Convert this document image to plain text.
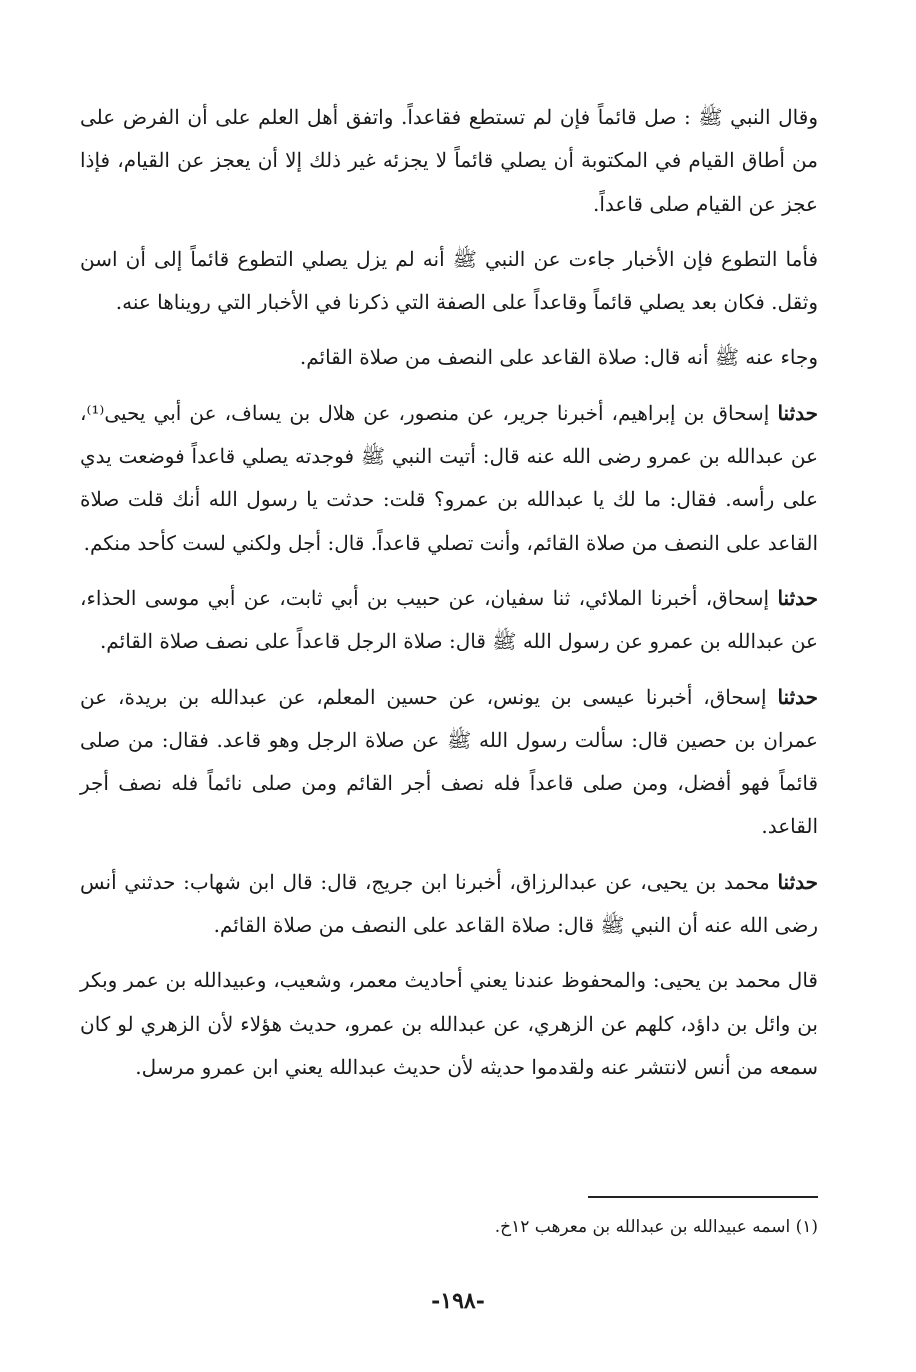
وقال النبي ﷺ : صل قائماً فإن لم تستطع فقاعداً. واتفق أهل العلم على أن الفرض على من أطاق القيام في المكتوبة أن يصلي قائماً لا يجزئه غير ذلك إلا أن يعجز عن القيام، فإذا عجز عن القيام صلى قاعداً.

فأما التطوع فإن الأخبار جاءت عن النبي ﷺ أنه لم يزل يصلي التطوع قائماً إلى أن اسن وثقل. فكان بعد يصلي قائماً وقاعداً على الصفة التي ذكرنا في الأخبار التي رويناها عنه.

وجاء عنه ﷺ أنه قال: صلاة القاعد على النصف من صلاة القائم.

حدثنا إسحاق بن إبراهيم، أخبرنا جرير، عن منصور، عن هلال بن يساف، عن أبي يحيى⁽¹⁾، عن عبدالله بن عمرو رضى الله عنه قال: أتيت النبي ﷺ فوجدته يصلي قاعداً فوضعت يدي على رأسه. فقال: ما لك يا عبدالله بن عمرو؟ قلت: حدثت يا رسول الله أنك قلت صلاة القاعد على النصف من صلاة القائم، وأنت تصلي قاعداً. قال: أجل ولكني لست كأحد منكم.

حدثنا إسحاق، أخبرنا الملائي، ثنا سفيان، عن حبيب بن أبي ثابت، عن أبي موسى الحذاء، عن عبدالله بن عمرو عن رسول الله ﷺ قال: صلاة الرجل قاعداً على نصف صلاة القائم.

حدثنا إسحاق، أخبرنا عيسى بن يونس، عن حسين المعلم، عن عبدالله بن بريدة، عن عمران بن حصين قال: سألت رسول الله ﷺ عن صلاة الرجل وهو قاعد. فقال: من صلى قائماً فهو أفضل، ومن صلى قاعداً فله نصف أجر القائم ومن صلى نائماً فله نصف أجر القاعد.

حدثنا محمد بن يحيى، عن عبدالرزاق، أخبرنا ابن جريج، قال: قال ابن شهاب: حدثني أنس رضى الله عنه أن النبي ﷺ قال: صلاة القاعد على النصف من صلاة القائم.

قال محمد بن يحيى: والمحفوظ عندنا يعني أحاديث معمر، وشعيب، وعبيدالله بن عمر وبكر بن وائل بن داؤد، كلهم عن الزهري، عن عبدالله بن عمرو، حديث هؤلاء لأن الزهري لو كان سمعه من أنس لانتشر عنه ولقدموا حديثه لأن حديث عبدالله يعني ابن عمرو مرسل.

(١) اسمه عبيدالله بن عبدالله بن معرهب ١٢خ.
-١٩٨-
